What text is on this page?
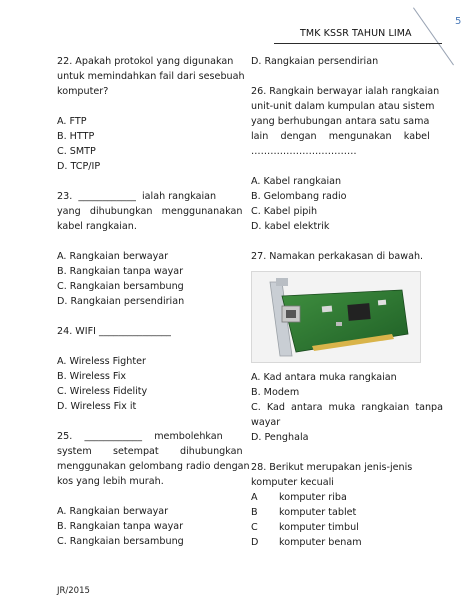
5
TMK KSSR TAHUN LIMA
22. Apakah protokol yang digunakan
untuk memindahkan fail dari sesebuah
komputer?
A. FTP
B. HTTP
C. SMTP
D. TCP/IP
23.  ____________  ialah rangkaian
yang   dihubungkan   menggunanakan
kabel rangkaian.
A. Rangkaian berwayar
B. Rangkaian tanpa wayar
C. Rangkaian bersambung
D. Rangkaian persendirian
24. WIFI _______________
A. Wireless Fighter
B. Wireless Fix
C. Wireless Fidelity
D. Wireless Fix it
25.    ____________    membolehkan
system       setempat       dihubungkan
menggunakan gelombang radio dengan
kos yang lebih murah.
A. Rangkaian berwayar
B. Rangkaian tanpa wayar
C. Rangkaian bersambung
D. Rangkaian persendirian
26. Rangkain berwayar ialah rangkaian
unit-unit dalam kumpulan atau sistem
yang berhubungan antara satu sama
lain    dengan    mengunakan    kabel
……………………………
A. Kabel rangkaian
B. Gelombang radio
C. Kabel pipih
D. kabel elektrik
27. Namakan perkakasan di bawah.
A. Kad antara muka rangkaian
B. Modem
C.  Kad  antara  muka  rangkaian  tanpa
wayar
D. Penghala
28. Berikut merupakan jenis-jenis
komputer kecuali
A	komputer riba
B	komputer tablet
C	komputer timbul
D	komputer benam
JR/2015
